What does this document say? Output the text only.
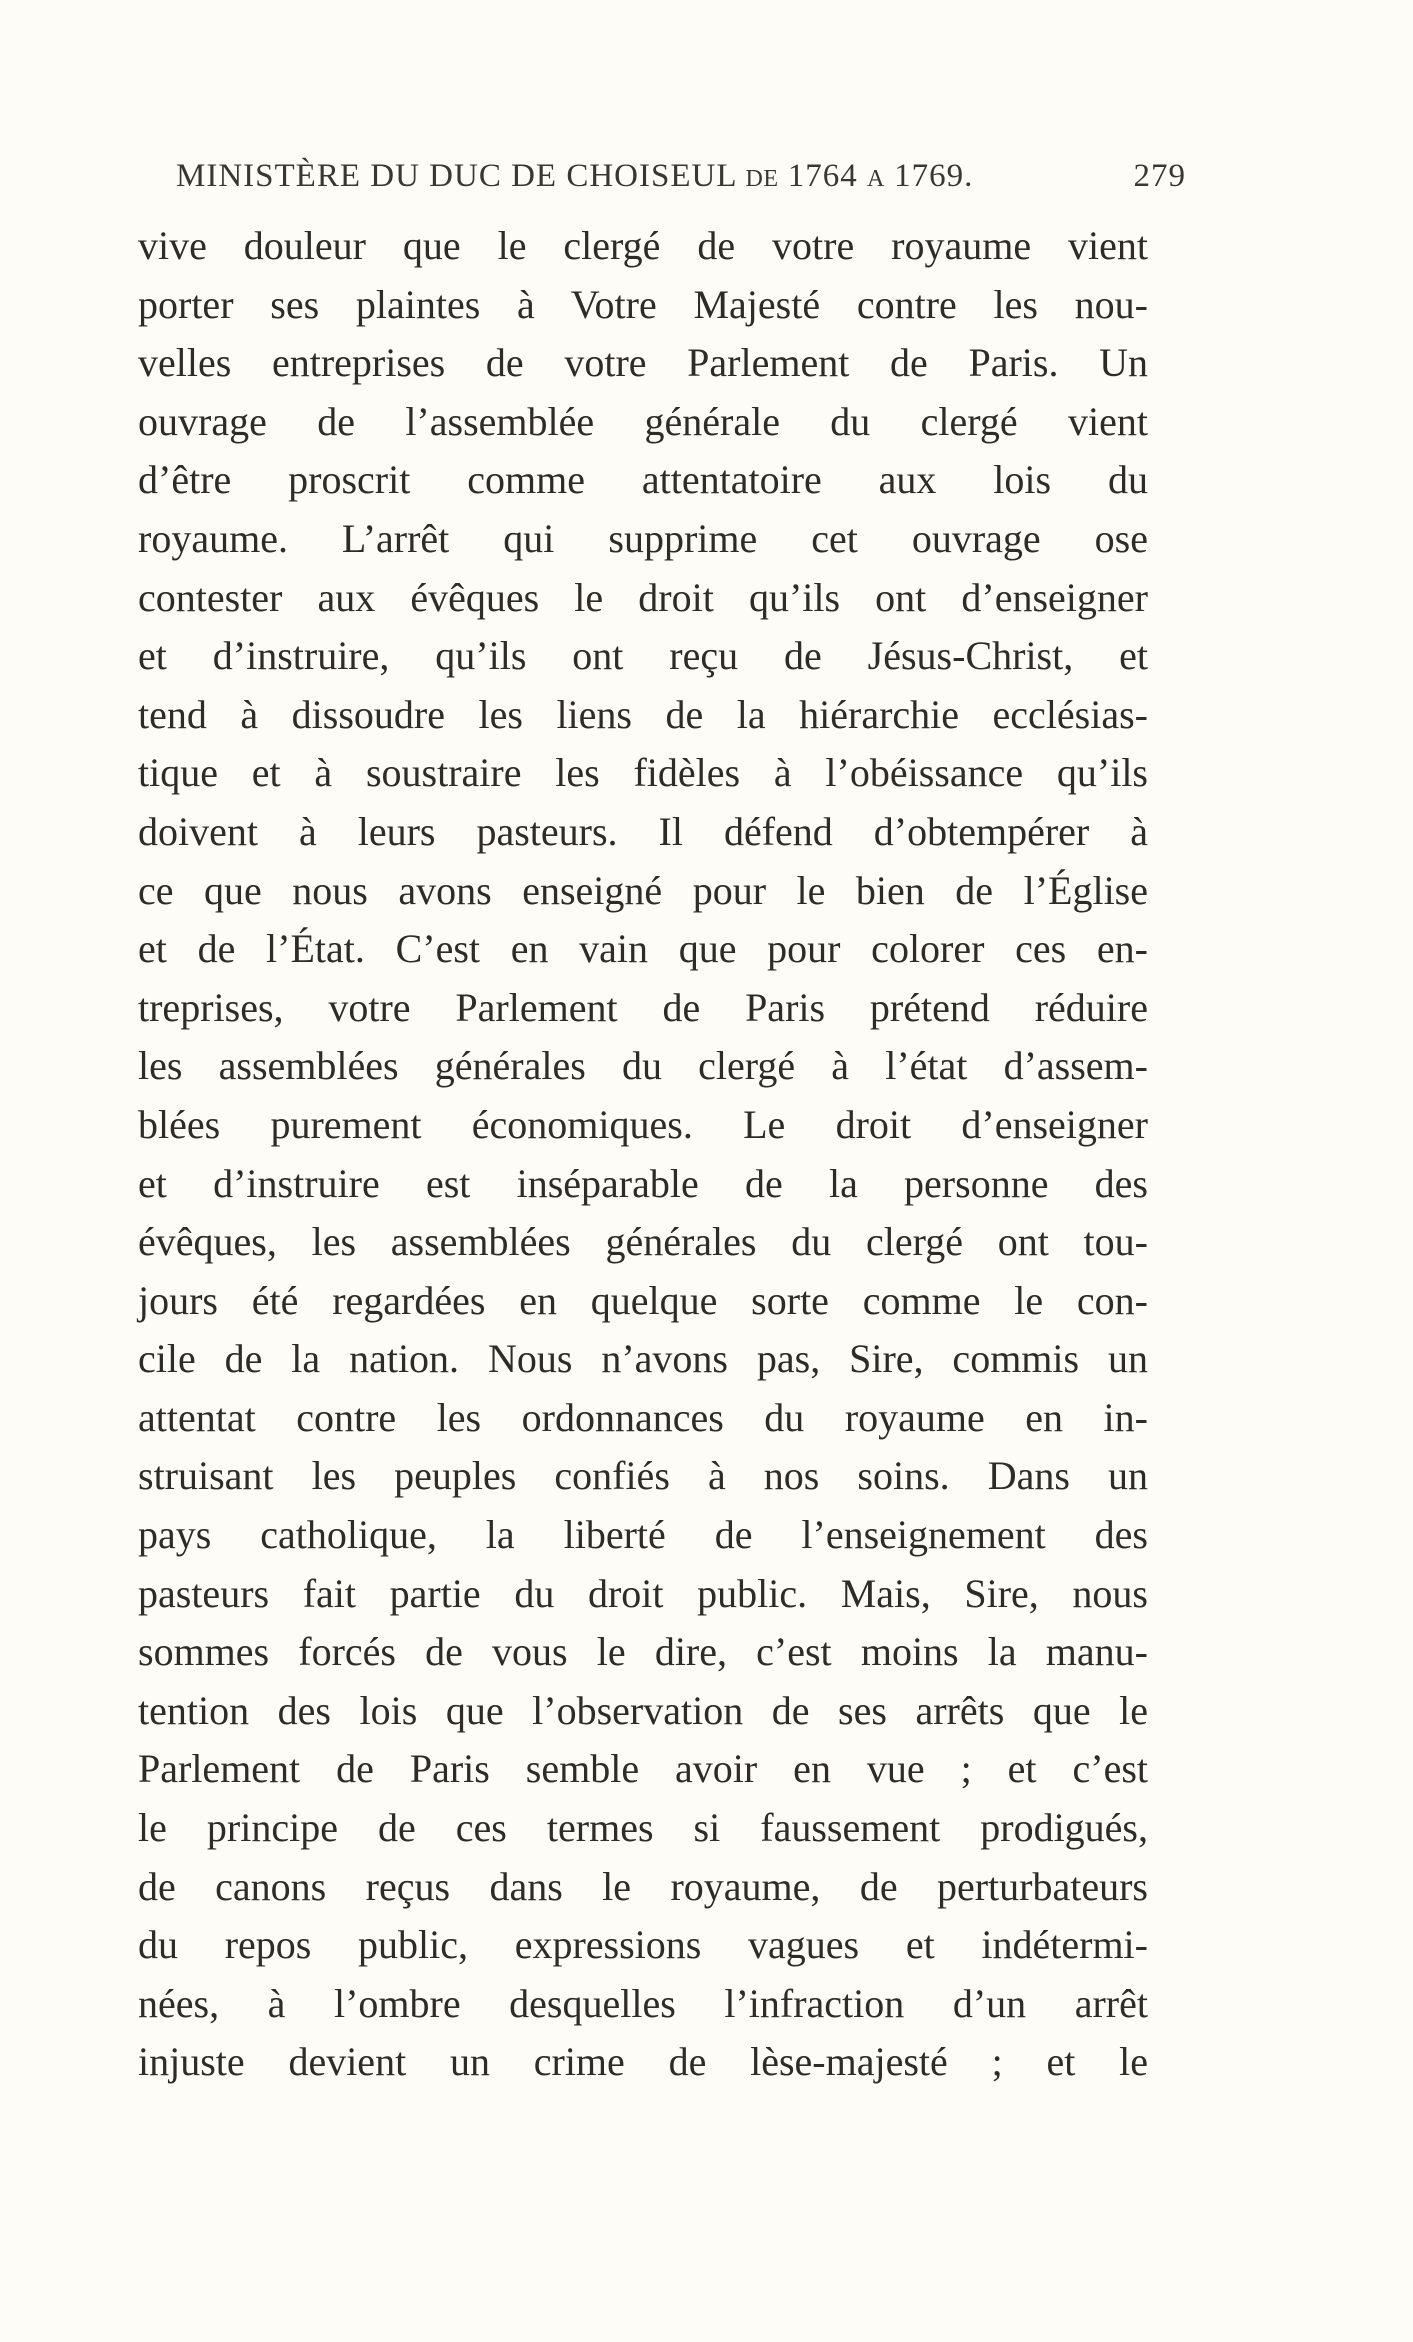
MINISTÈRE DU DUC DE CHOISEUL DE 1764 A 1769.	279
vive douleur que le clergé de votre royaume vient
porter ses plaintes à Votre Majesté contre les nou-
velles entreprises de votre Parlement de Paris. Un
ouvrage de l’assemblée générale du clergé vient
d’être proscrit comme attentatoire aux lois du
royaume. L’arrêt qui supprime cet ouvrage ose
contester aux évêques le droit qu’ils ont d’enseigner
et d’instruire, qu’ils ont reçu de Jésus-Christ, et
tend à dissoudre les liens de la hiérarchie ecclésias-
tique et à soustraire les fidèles à l’obéissance qu’ils
doivent à leurs pasteurs. Il défend d’obtempérer à
ce que nous avons enseigné pour le bien de l’Église
et de l’État. C’est en vain que pour colorer ces en-
treprises, votre Parlement de Paris prétend réduire
les assemblées générales du clergé à l’état d’assem-
blées purement économiques. Le droit d’enseigner
et d’instruire est inséparable de la personne des
évêques, les assemblées générales du clergé ont tou-
jours été regardées en quelque sorte comme le con-
cile de la nation. Nous n’avons pas, Sire, commis un
attentat contre les ordonnances du royaume en in-
struisant les peuples confiés à nos soins. Dans un
pays catholique, la liberté de l’enseignement des
pasteurs fait partie du droit public. Mais, Sire, nous
sommes forcés de vous le dire, c’est moins la manu-
tention des lois que l’observation de ses arrêts que le
Parlement de Paris semble avoir en vue ; et c’est
le principe de ces termes si faussement prodigués,
de canons reçus dans le royaume, de perturbateurs
du repos public, expressions vagues et indétermi-
nées, à l’ombre desquelles l’infraction d’un arrêt
injuste devient un crime de lèse-majesté ; et le
